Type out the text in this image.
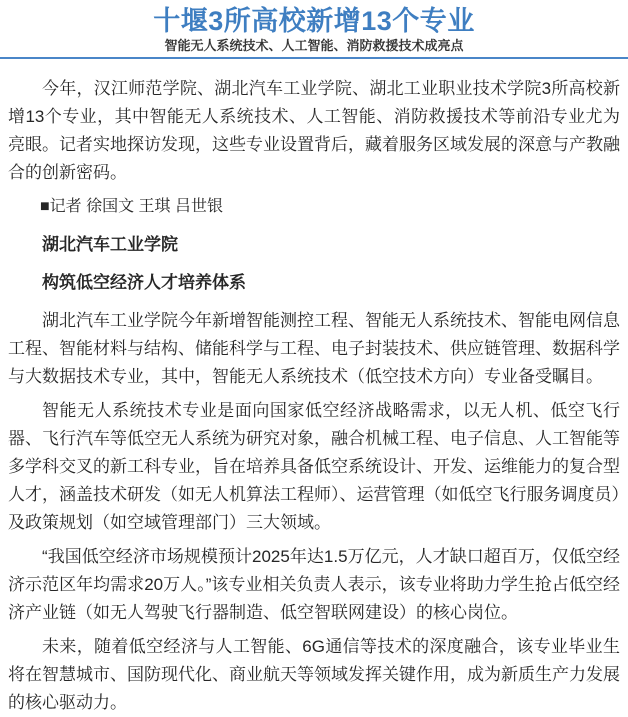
十堰3所高校新增13个专业
智能无人系统技术、人工智能、消防救援技术成亮点

今年，汉江师范学院、湖北汽车工业学院、湖北工业职业技术学院3所高校新增13个专业，其中智能无人系统技术、人工智能、消防救援技术等前沿专业尤为亮眼。记者实地探访发现，这些专业设置背后，藏着服务区域发展的深意与产教融合的创新密码。

■记者 徐国文 王琪 吕世银

湖北汽车工业学院

构筑低空经济人才培养体系

湖北汽车工业学院今年新增智能测控工程、智能无人系统技术、智能电网信息工程、智能材料与结构、储能科学与工程、电子封装技术、供应链管理、数据科学与大数据技术专业，其中，智能无人系统技术（低空技术方向）专业备受瞩目。

智能无人系统技术专业是面向国家低空经济战略需求，以无人机、低空飞行器、飞行汽车等低空无人系统为研究对象，融合机械工程、电子信息、人工智能等多学科交叉的新工科专业，旨在培养具备低空系统设计、开发、运维能力的复合型人才，涵盖技术研发（如无人机算法工程师）、运营管理（如低空飞行服务调度员）及政策规划（如空域管理部门）三大领域。

“我国低空经济市场规模预计2025年达1.5万亿元，人才缺口超百万，仅低空经济示范区年均需求20万人。”该专业相关负责人表示，该专业将助力学生抢占低空经济产业链（如无人驾驶飞行器制造、低空智联网建设）的核心岗位。

未来，随着低空经济与人工智能、6G通信等技术的深度融合，该专业毕业生将在智慧城市、国防现代化、商业航天等领域发挥关键作用，成为新质生产力发展的核心驱动力。
